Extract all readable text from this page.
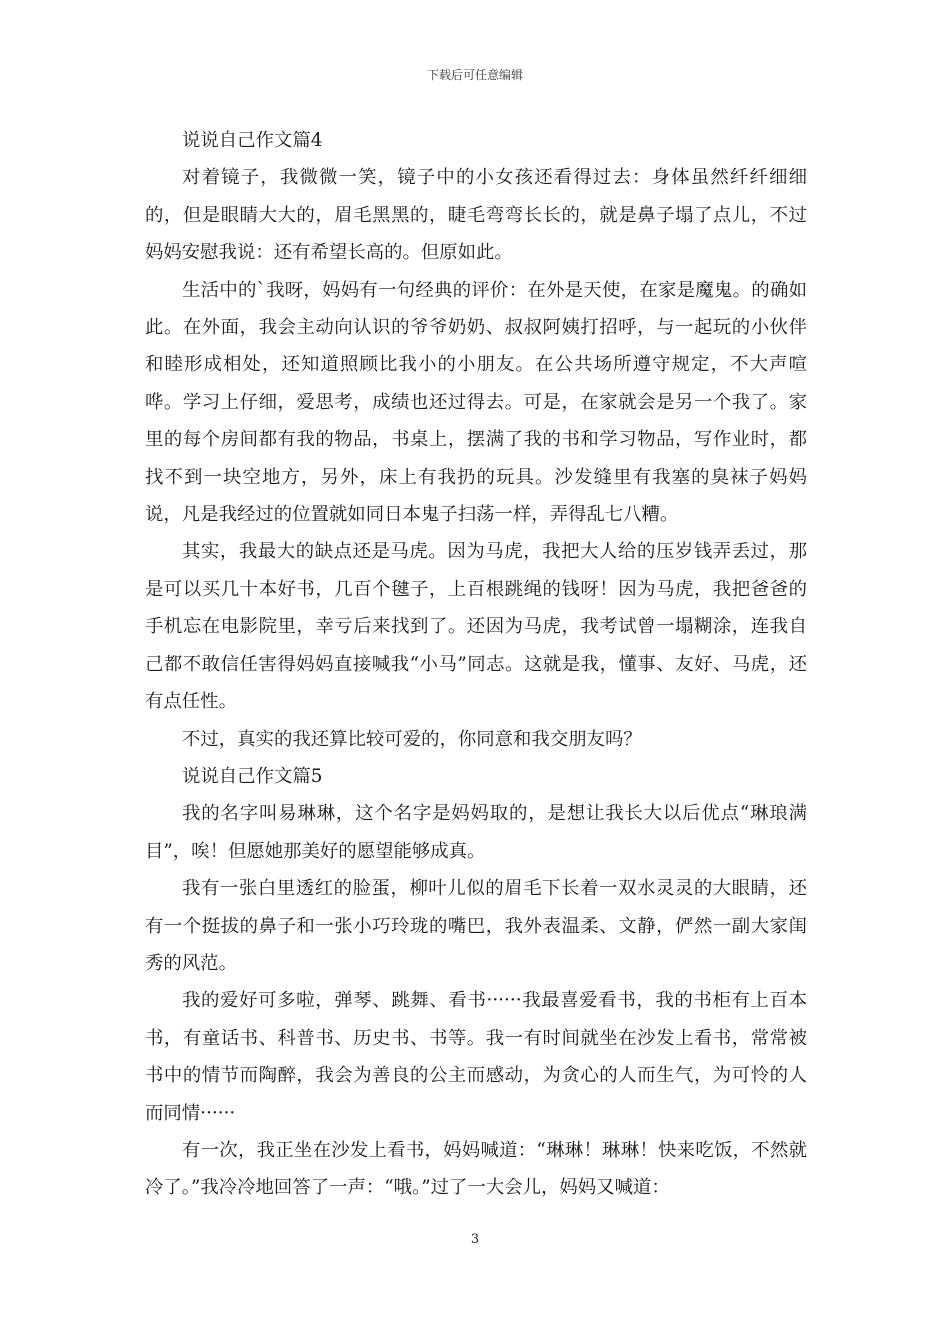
下载后可任意编辑

说说自己作文篇4

对着镜子，我微微一笑，镜子中的小女孩还看得过去：身体虽然纤纤细细的，但是眼睛大大的，眉毛黑黑的，睫毛弯弯长长的，就是鼻子塌了点儿，不过妈妈安慰我说：还有希望长高的。但原如此。

生活中的`我呀，妈妈有一句经典的评价：在外是天使，在家是魔鬼。的确如此。在外面，我会主动向认识的爷爷奶奶、叔叔阿姨打招呼，与一起玩的小伙伴和睦形成相处，还知道照顾比我小的小朋友。在公共场所遵守规定，不大声喧哗。学习上仔细，爱思考，成绩也还过得去。可是，在家就会是另一个我了。家里的每个房间都有我的物品，书桌上，摆满了我的书和学习物品，写作业时，都找不到一块空地方，另外，床上有我扔的玩具。沙发缝里有我塞的臭袜子妈妈说，凡是我经过的位置就如同日本鬼子扫荡一样，弄得乱七八糟。

其实，我最大的缺点还是马虎。因为马虎，我把大人给的压岁钱弄丢过，那是可以买几十本好书，几百个毽子，上百根跳绳的钱呀！因为马虎，我把爸爸的手机忘在电影院里，幸亏后来找到了。还因为马虎，我考试曾一塌糊涂，连我自己都不敢信任害得妈妈直接喊我“小马”同志。这就是我，懂事、友好、马虎，还有点任性。

不过，真实的我还算比较可爱的，你同意和我交朋友吗？

说说自己作文篇5

我的名字叫易琳琳，这个名字是妈妈取的，是想让我长大以后优点“琳琅满目”，唉！但愿她那美好的愿望能够成真。

我有一张白里透红的脸蛋，柳叶儿似的眉毛下长着一双水灵灵的大眼睛，还有一个挺拔的鼻子和一张小巧玲珑的嘴巴，我外表温柔、文静，俨然一副大家闺秀的风范。

我的爱好可多啦，弹琴、跳舞、看书······我最喜爱看书，我的书柜有上百本书，有童话书、科普书、历史书、书等。我一有时间就坐在沙发上看书，常常被书中的情节而陶醉，我会为善良的公主而感动，为贪心的人而生气，为可怜的人而同情······

有一次，我正坐在沙发上看书，妈妈喊道：“琳琳！琳琳！快来吃饭，不然就冷了。”我冷冷地回答了一声：“哦。”过了一大会儿，妈妈又喊道：

3
